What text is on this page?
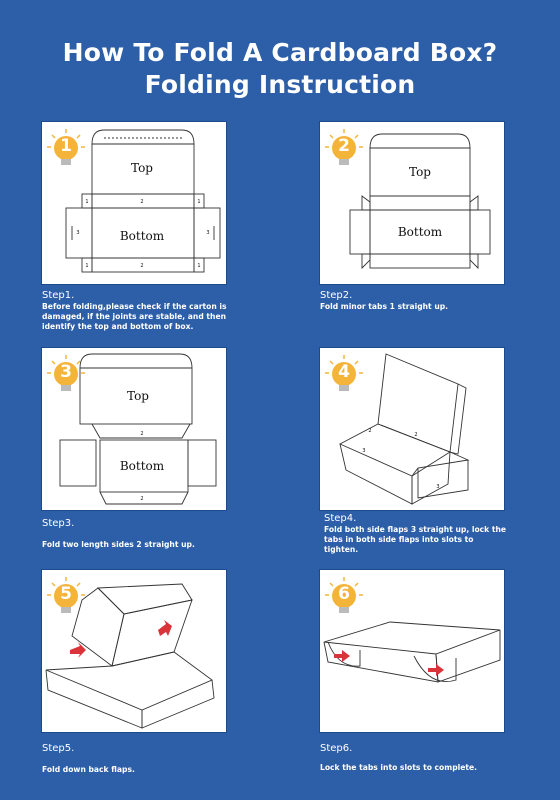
How To Fold A Cardboard Box?
Folding Instruction
Top
Bottom
1	1
1	1
2
2
3	3
1
Step1.
Before folding,please check if the carton is damaged, if the joints are stable, and then identify the top and bottom of box.
Top
Bottom
2
Step2.
Fold minor tabs 1 straight up.
Top
Bottom
2
2
3
Step3.
Fold two length sides 2 straight up.
2
3
3
2
4
Step4.
Fold both side flaps 3 straight up, lock the tabs in both side flaps into slots to tighten.
5
Step5.
Fold down back flaps.
6
Step6.
Lock the tabs into slots to complete.
